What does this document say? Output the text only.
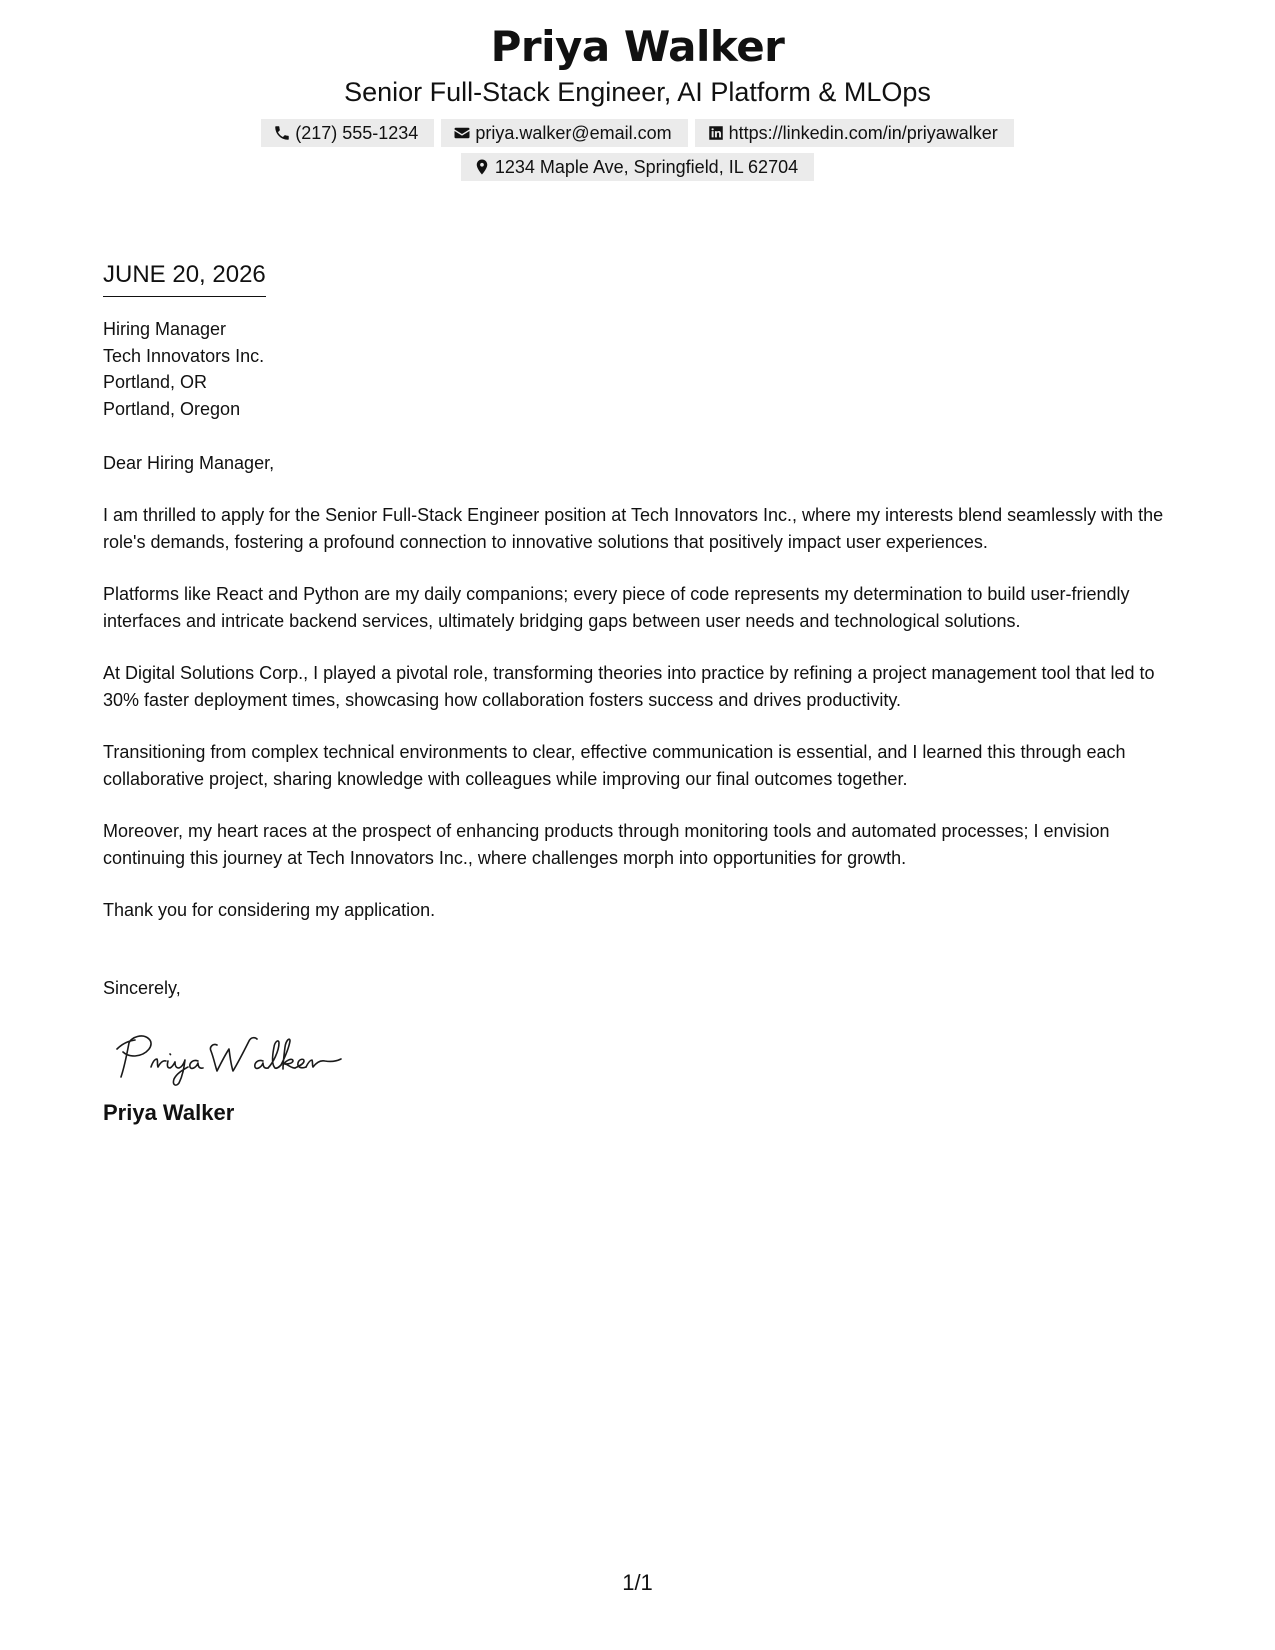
Priya Walker
Senior Full-Stack Engineer, AI Platform & MLOps
(217) 555-1234	priya.walker@email.com	https://linkedin.com/in/priyawalker
1234 Maple Ave, Springfield, IL 62704
JUNE 20, 2026
Hiring Manager
Tech Innovators Inc.
Portland, OR
Portland, Oregon
Dear Hiring Manager,

I am thrilled to apply for the Senior Full-Stack Engineer position at Tech Innovators Inc., where my interests blend seamlessly with the role's demands, fostering a profound connection to innovative solutions that positively impact user experiences.

Platforms like React and Python are my daily companions; every piece of code represents my determination to build user-friendly interfaces and intricate backend services, ultimately bridging gaps between user needs and technological solutions.

At Digital Solutions Corp., I played a pivotal role, transforming theories into practice by refining a project management tool that led to 30% faster deployment times, showcasing how collaboration fosters success and drives productivity.

Transitioning from complex technical environments to clear, effective communication is essential, and I learned this through each collaborative project, sharing knowledge with colleagues while improving our final outcomes together.

Moreover, my heart races at the prospect of enhancing products through monitoring tools and automated processes; I envision continuing this journey at Tech Innovators Inc., where challenges morph into opportunities for growth.

Thank you for considering my application.

Sincerely,
Priya Walker
1/1
